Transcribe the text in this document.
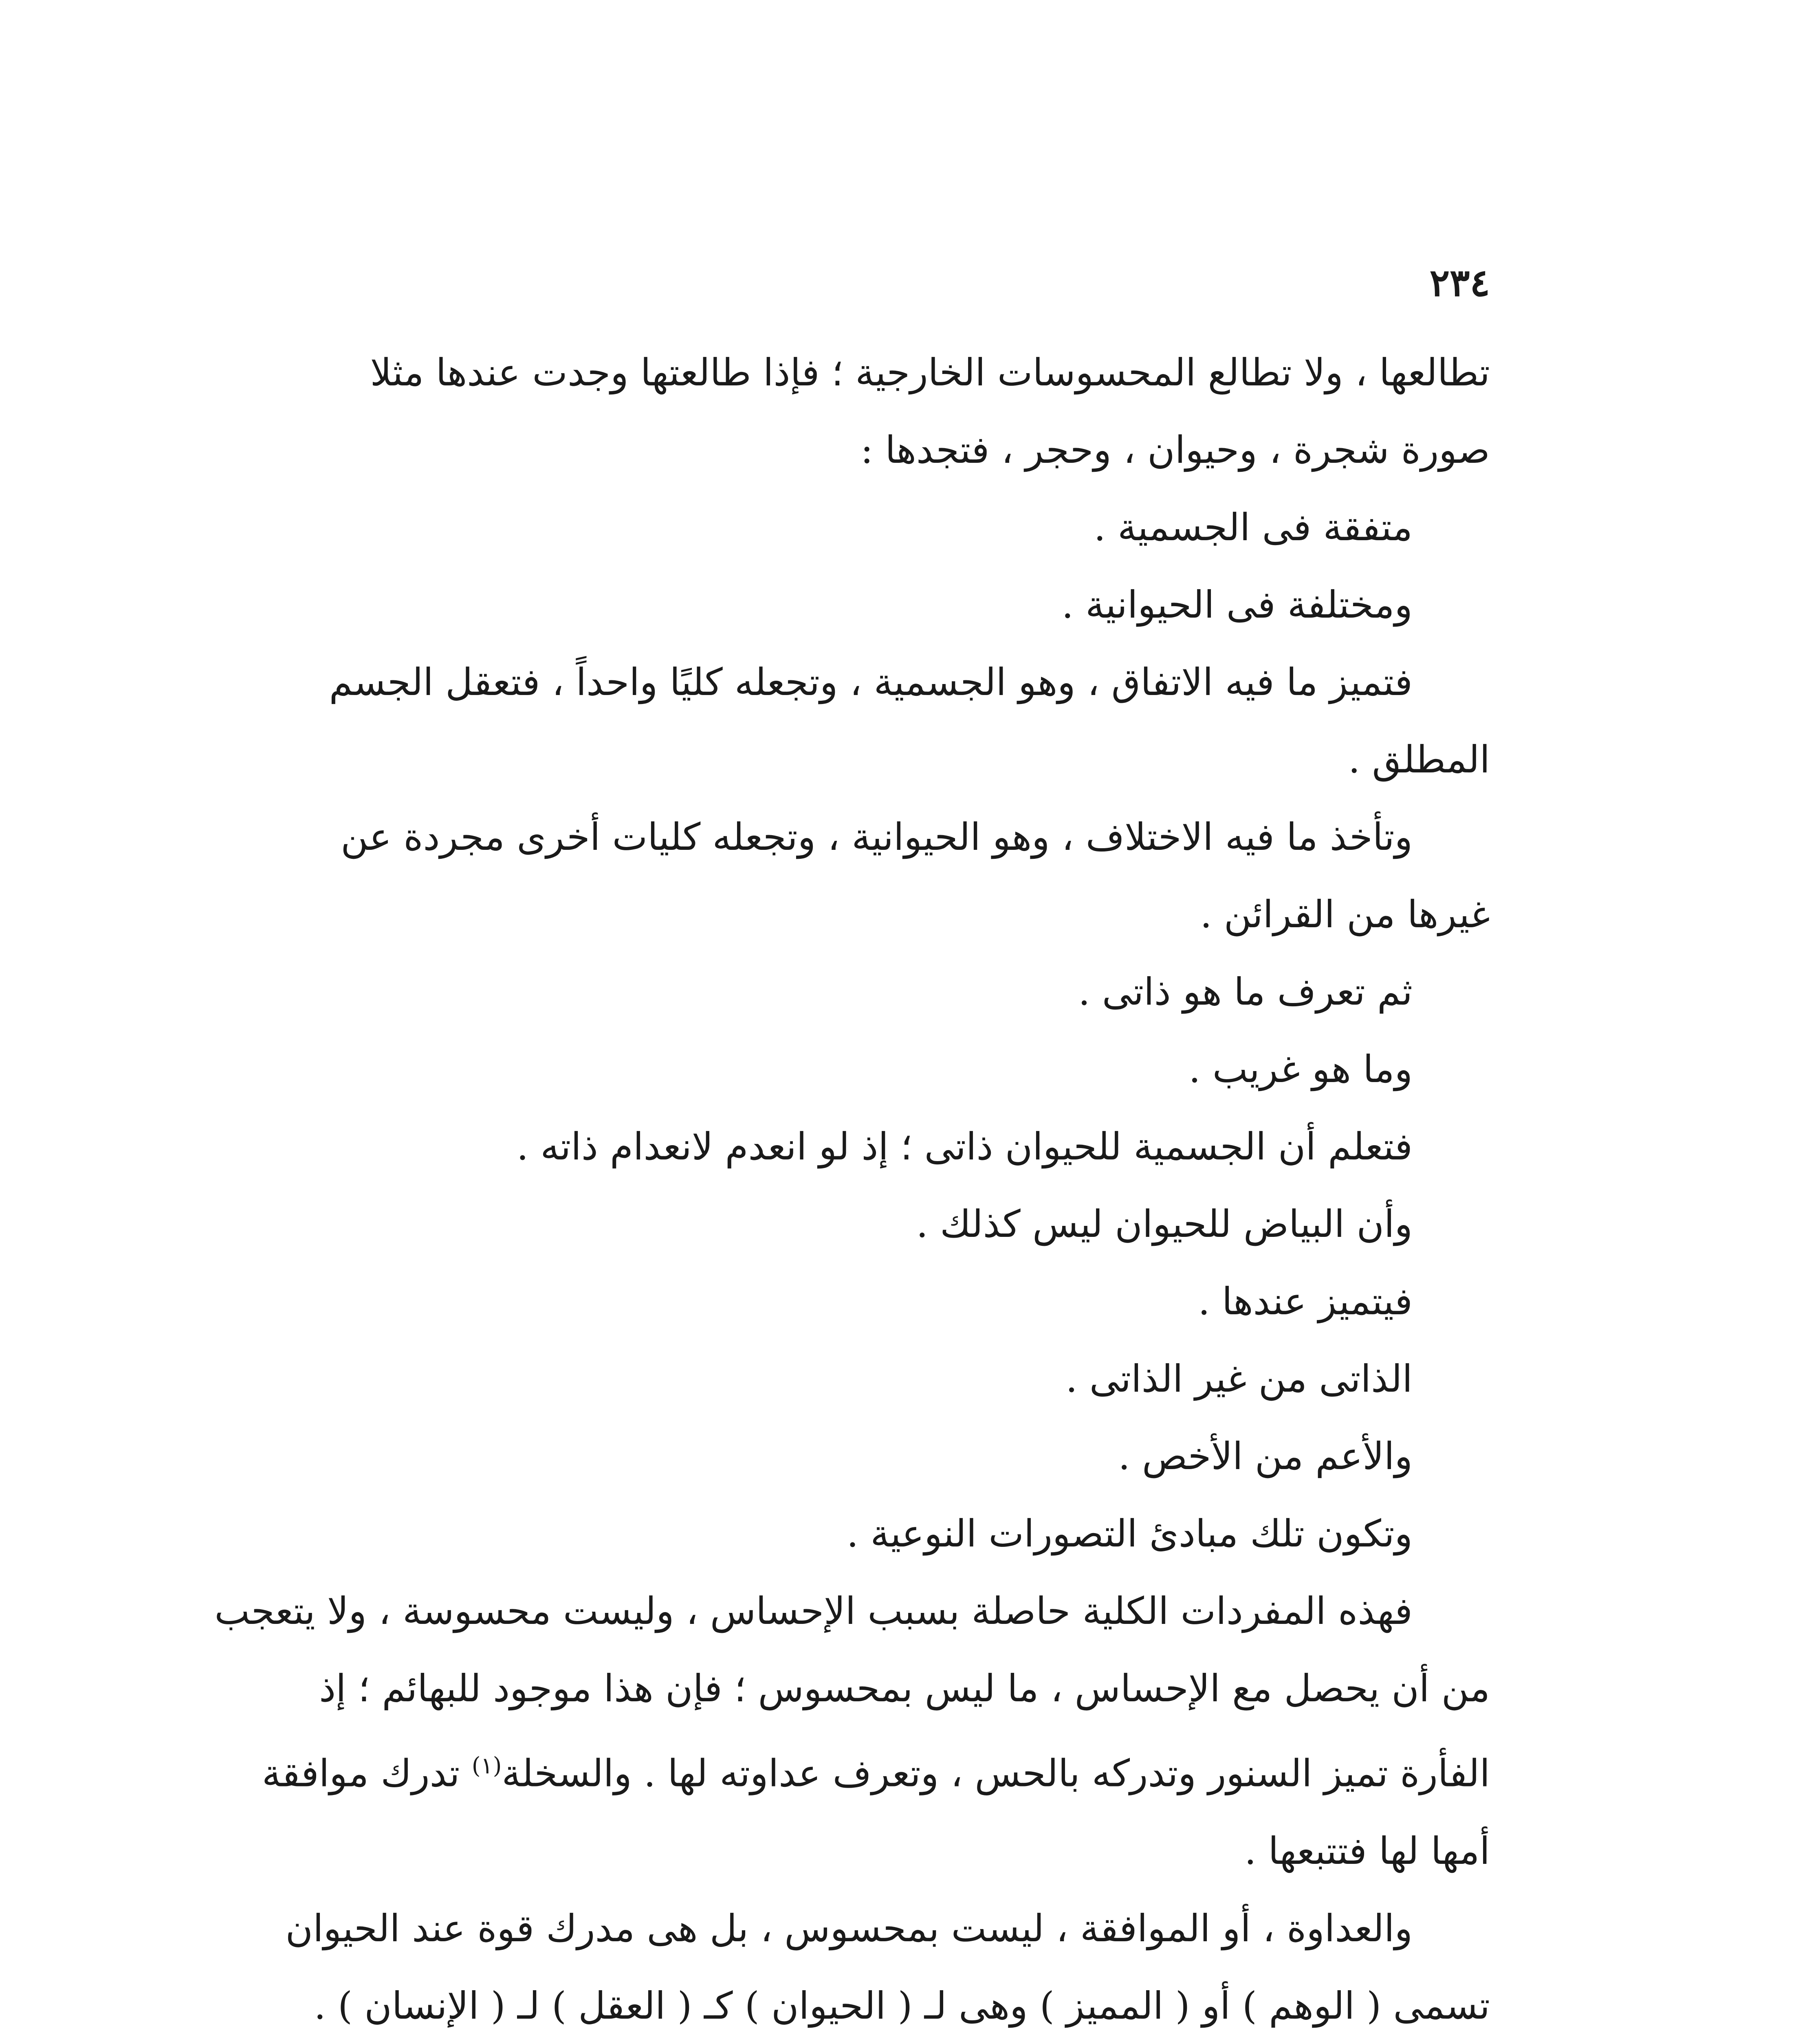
٢٣٤

تطالعها ، ولا تطالع المحسوسات الخارجية ؛ فإذا طالعتها وجدت عندها مثلا
صورة شجرة ، وحيوان ، وحجر ، فتجدها :
متفقة فى الجسمية .
ومختلفة فى الحيوانية .
فتميز ما فيه الاتفاق ، وهو الجسمية ، وتجعله كليًا واحداً ، فتعقل الجسم
المطلق .
وتأخذ ما فيه الاختلاف ، وهو الحيوانية ، وتجعله كليات أخرى مجردة عن
غيرها من القرائن .
ثم تعرف ما هو ذاتى .
وما هو غريب .
فتعلم أن الجسمية للحيوان ذاتى ؛ إذ لو انعدم لانعدام ذاته .
وأن البياض للحيوان ليس كذلك .
فيتميز عندها .
الذاتى من غير الذاتى .
والأعم من الأخص .
وتكون تلك مبادئ التصورات النوعية .
فهذه المفردات الكلية حاصلة بسبب الإحساس ، وليست محسوسة ، ولا يتعجب
من أن يحصل مع الإحساس ، ما ليس بمحسوس ؛ فإن هذا موجود للبهائم ؛ إذ
الفأرة تميز السنور وتدركه بالحس ، وتعرف عداوته لها . والسخلة$^{(١)}$ تدرك موافقة
أمها لها فتتبعها .
والعداوة ، أو الموافقة ، ليست بمحسوس ، بل هى مدرك قوة عند الحيوان
تسمى ( الوهم ) أو ( المميز ) وهى لـ ( الحيوان ) كـ ( العقل ) لـ ( الإنسان ) .
